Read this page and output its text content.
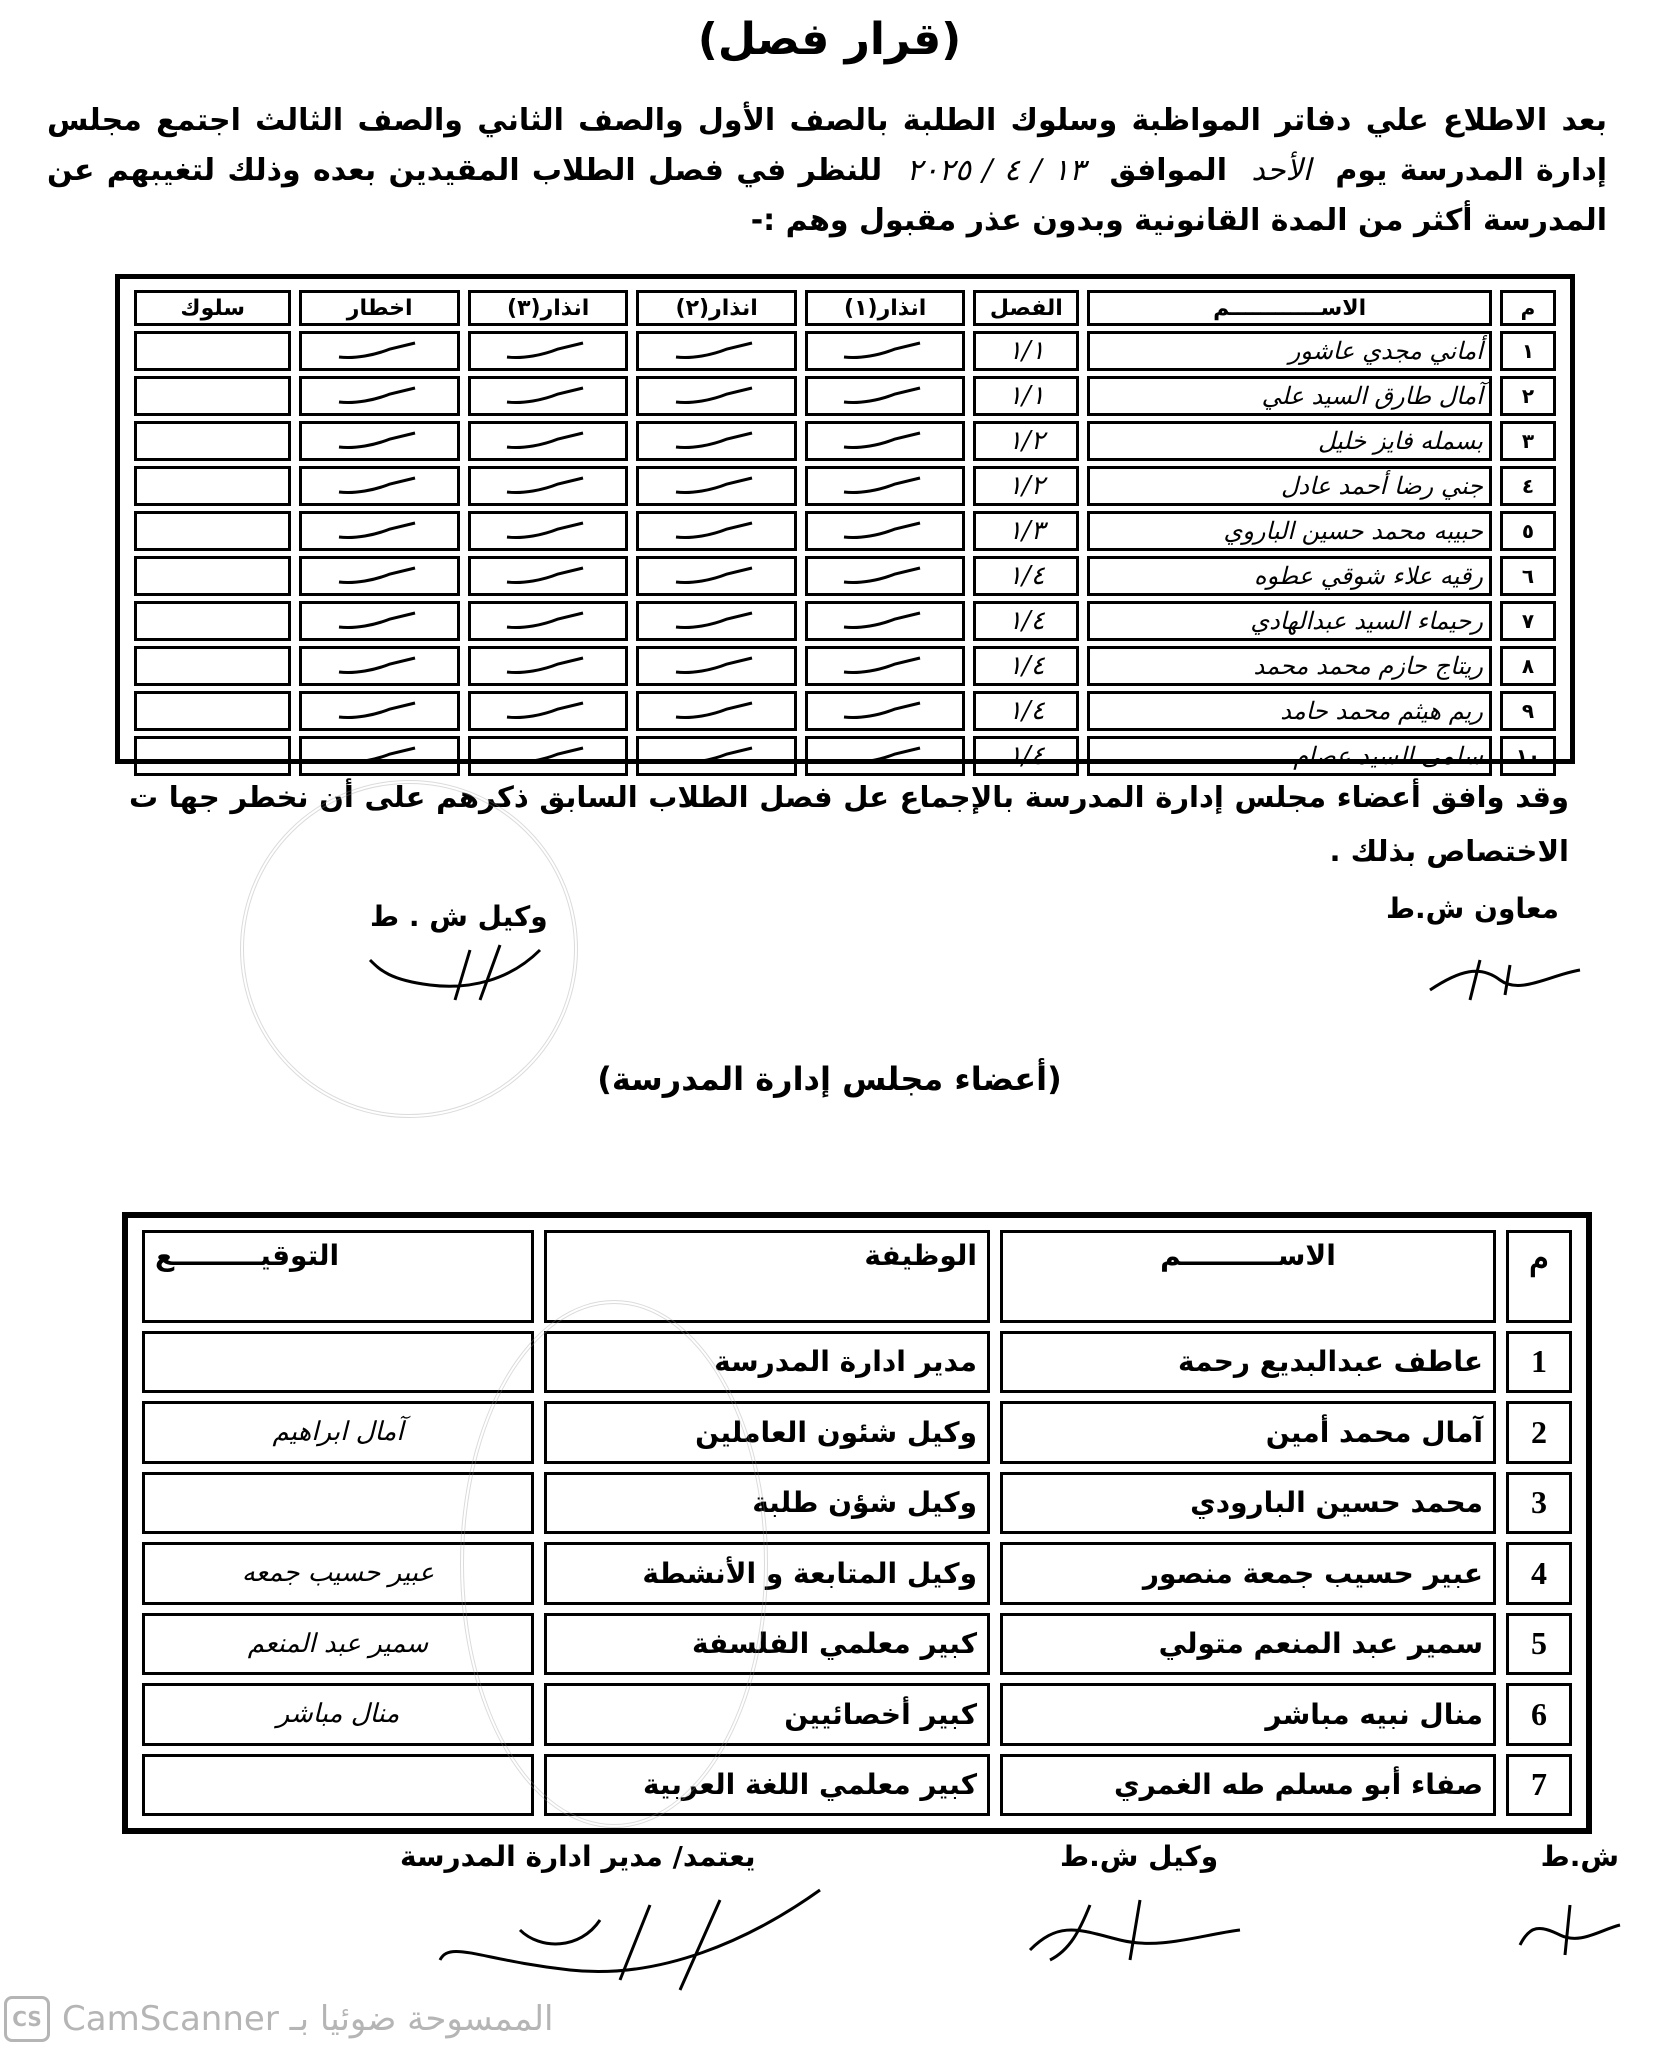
(قرار فصل)
بعد الاطلاع علي دفاتر المواظبة وسلوك الطلبة بالصف الأول والصف الثاني والصف الثالث اجتمع مجلس إدارة المدرسة يوم الأحد الموافق ١٣ / ٤ / ٢٠٢٥ للنظر في فصل الطلاب المقيدين بعده وذلك لتغيبهم عن المدرسة أكثر من المدة القانونية وبدون عذر مقبول وهم :-
م	الاســــــــــــم	الفصل	انذار(١)	انذار(٢)	انذار(٣)	اخطار	سلوك
١	أماني مجدي عاشور	١/١	

٢	آمال طارق السيد علي	١/١	

٣	بسمله فايز خليل	١/٢	

٤	جني رضا أحمد عادل	١/٢	

٥	حبيبه محمد حسين الباروي	١/٣	

٦	رقيه علاء شوقي عطوه	١/٤	

٧	رحيماء السيد عبدالهادي	١/٤	

٨	ريتاج حازم محمد محمد	١/٤	

٩	ريم هيثم محمد حامد	١/٤	

١٠	سلمى السيد عصام	١/٤	

وقد وافق أعضاء مجلس إدارة المدرسة بالإجماع عل فصل الطلاب السابق ذكرهم على أن نخطر جها ت الاختصاص بذلك .
معاون ش.ط
وكيل ش . ط
(أعضاء مجلس إدارة المدرسة)
م	الاســــــــــم	الوظيفة	التوقيـــــــــع
1	عاطف عبدالبديع رحمة	مدير ادارة المدرسة	
2	آمال محمد أمين	وكيل شئون العاملين	آمال ابراهيم
3	محمد حسين البارودي	وكيل شؤن طلبة	
4	عبير حسيب جمعة منصور	وكيل المتابعة و الأنشطة	عبير حسيب جمعه
5	سمير عبد المنعم متولي	كبير معلمي الفلسفة	سمير عبد المنعم
6	منال نبيه مباشر	كبير أخصائيين	منال مباشر
7	صفاء أبو مسلم طه الغمري	كبير معلمي اللغة العربية	
يعتمد/ مدير ادارة المدرسة	وكيل ش.ط	ش.ط
CS CamScanner الممسوحة ضوئيا بـ
